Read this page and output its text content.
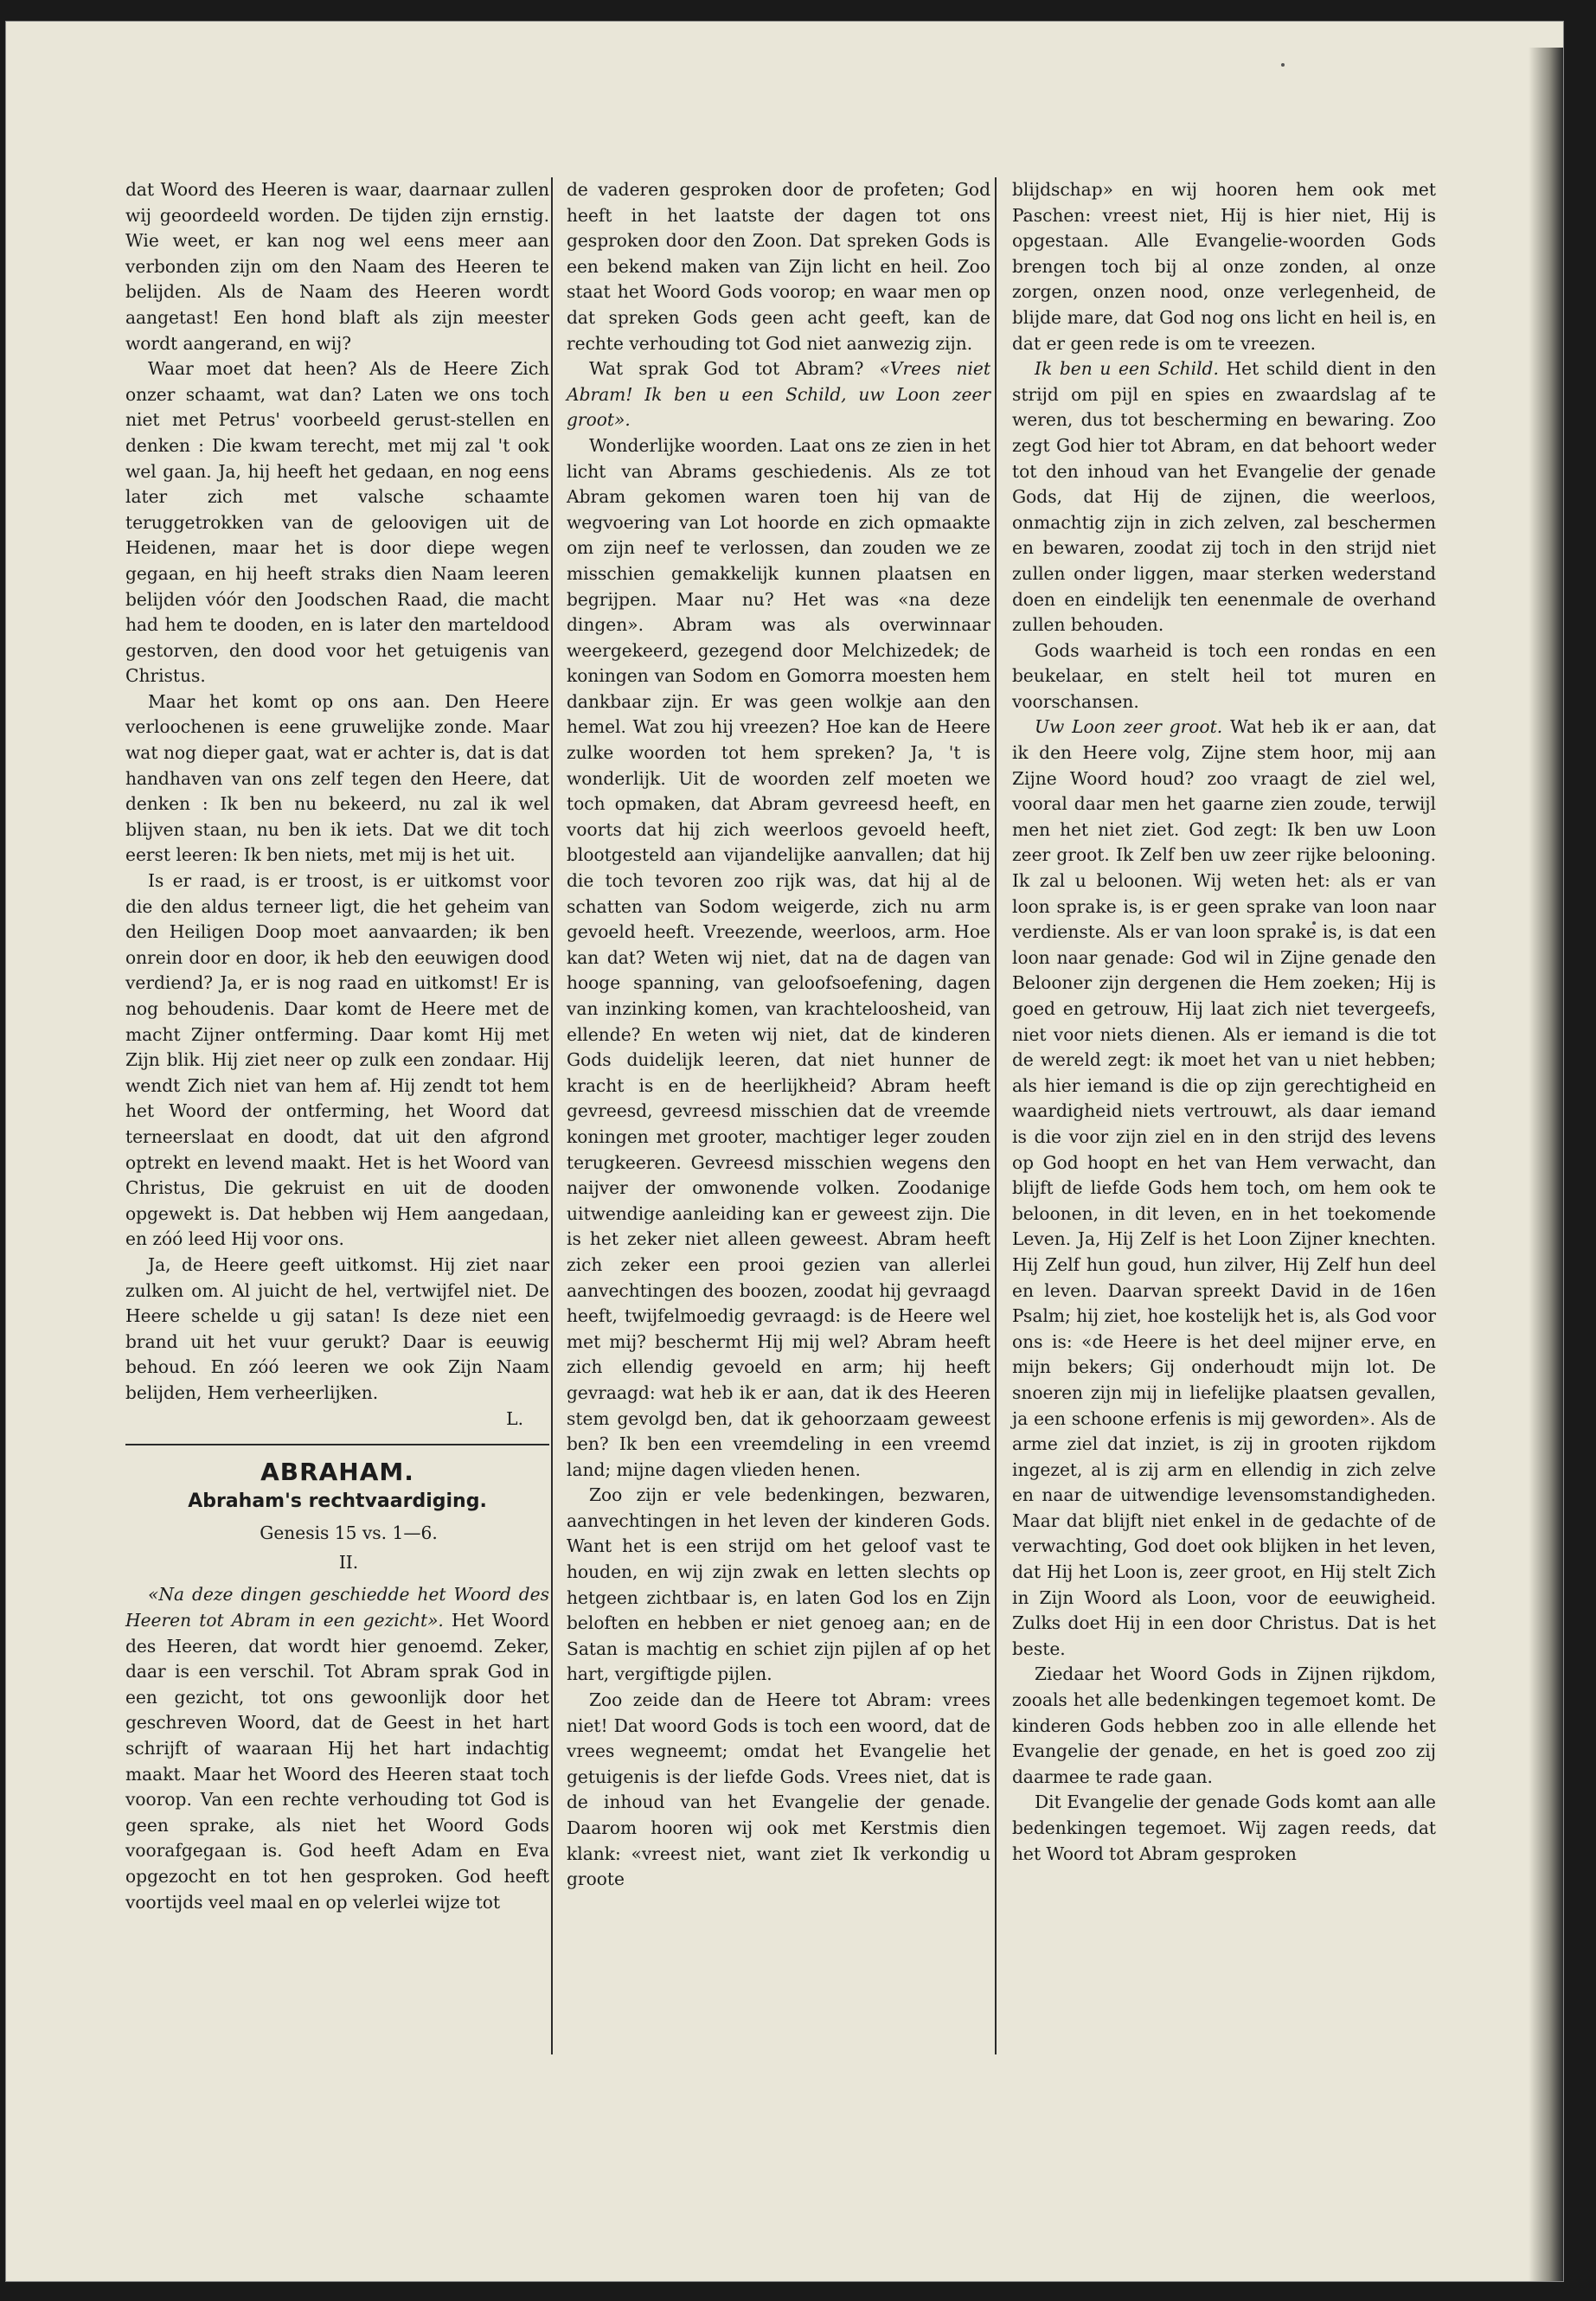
dat Woord des Heeren is waar, daarnaar zullen wij geoordeeld worden. De tijden zijn ernstig. Wie weet, er kan nog wel eens meer aan verbonden zijn om den Naam des Heeren te belijden. Als de Naam des Heeren wordt aangetast! Een hond blaft als zijn meester wordt aangerand, en wij?

Waar moet dat heen? Als de Heere Zich onzer schaamt, wat dan? Laten we ons toch niet met Petrus' voorbeeld gerust-stellen en denken : Die kwam terecht, met mij zal 't ook wel gaan. Ja, hij heeft het gedaan, en nog eens later zich met valsche schaamte teruggetrokken van de geloovigen uit de Heidenen, maar het is door diepe wegen gegaan, en hij heeft straks dien Naam leeren belijden vóór den Joodschen Raad, die macht had hem te dooden, en is later den marteldood gestorven, den dood voor het getuigenis van Christus.

Maar het komt op ons aan. Den Heere verloochenen is eene gruwelijke zonde. Maar wat nog dieper gaat, wat er achter is, dat is dat handhaven van ons zelf tegen den Heere, dat denken : Ik ben nu bekeerd, nu zal ik wel blijven staan, nu ben ik iets. Dat we dit toch eerst leeren: Ik ben niets, met mij is het uit.

Is er raad, is er troost, is er uitkomst voor die den aldus terneer ligt, die het geheim van den Heiligen Doop moet aanvaarden; ik ben onrein door en door, ik heb den eeuwigen dood verdiend? Ja, er is nog raad en uitkomst! Er is nog behoudenis. Daar komt de Heere met de macht Zijner ontferming. Daar komt Hij met Zijn blik. Hij ziet neer op zulk een zondaar. Hij wendt Zich niet van hem af. Hij zendt tot hem het Woord der ontferming, het Woord dat terneerslaat en doodt, dat uit den afgrond optrekt en levend maakt. Het is het Woord van Christus, Die gekruist en uit de dooden opgewekt is. Dat hebben wij Hem aangedaan, en zóó leed Hij voor ons.

Ja, de Heere geeft uitkomst. Hij ziet naar zulken om. Al juicht de hel, vertwijfel niet. De Heere schelde u gij satan! Is deze niet een brand uit het vuur gerukt? Daar is eeuwig behoud. En zóó leeren we ook Zijn Naam belijden, Hem verheerlijken.

L.

ABRAHAM.
Abraham's rechtvaardiging.

Genesis 15 vs. 1—6.

II.

«Na deze dingen geschiedde het Woord des Heeren tot Abram in een gezicht». Het Woord des Heeren, dat wordt hier genoemd. Zeker, daar is een verschil. Tot Abram sprak God in een gezicht, tot ons gewoonlijk door het geschreven Woord, dat de Geest in het hart schrijft of waaraan Hij het hart indachtig maakt. Maar het Woord des Heeren staat toch voorop. Van een rechte verhouding tot God is geen sprake, als niet het Woord Gods voorafgegaan is. God heeft Adam en Eva opgezocht en tot hen gesproken. God heeft voortijds veel maal en op velerlei wijze tot

de vaderen gesproken door de profeten; God heeft in het laatste der dagen tot ons gesproken door den Zoon. Dat spreken Gods is een bekend maken van Zijn licht en heil. Zoo staat het Woord Gods voorop; en waar men op dat spreken Gods geen acht geeft, kan de rechte verhouding tot God niet aanwezig zijn.

Wat sprak God tot Abram? «Vrees niet Abram! Ik ben u een Schild, uw Loon zeer groot».

Wonderlijke woorden. Laat ons ze zien in het licht van Abrams geschiedenis. Als ze tot Abram gekomen waren toen hij van de wegvoering van Lot hoorde en zich opmaakte om zijn neef te verlossen, dan zouden we ze misschien gemakkelijk kunnen plaatsen en begrijpen. Maar nu? Het was «na deze dingen». Abram was als overwinnaar weergekeerd, gezegend door Melchizedek; de koningen van Sodom en Gomorra moesten hem dankbaar zijn. Er was geen wolkje aan den hemel. Wat zou hij vreezen? Hoe kan de Heere zulke woorden tot hem spreken? Ja, 't is wonderlijk. Uit de woorden zelf moeten we toch opmaken, dat Abram gevreesd heeft, en voorts dat hij zich weerloos gevoeld heeft, blootgesteld aan vijandelijke aanvallen; dat hij die toch tevoren zoo rijk was, dat hij al de schatten van Sodom weigerde, zich nu arm gevoeld heeft. Vreezende, weerloos, arm. Hoe kan dat? Weten wij niet, dat na de dagen van hooge spanning, van geloofsoefening, dagen van inzinking komen, van krachteloosheid, van ellende? En weten wij niet, dat de kinderen Gods duidelijk leeren, dat niet hunner de kracht is en de heerlijkheid? Abram heeft gevreesd, gevreesd misschien dat de vreemde koningen met grooter, machtiger leger zouden terugkeeren. Gevreesd misschien wegens den naijver der omwonende volken. Zoodanige uitwendige aanleiding kan er geweest zijn. Die is het zeker niet alleen geweest. Abram heeft zich zeker een prooi gezien van allerlei aanvechtingen des boozen, zoodat hij gevraagd heeft, twijfelmoedig gevraagd: is de Heere wel met mij? beschermt Hij mij wel? Abram heeft zich ellendig gevoeld en arm; hij heeft gevraagd: wat heb ik er aan, dat ik des Heeren stem gevolgd ben, dat ik gehoorzaam geweest ben? Ik ben een vreemdeling in een vreemd land; mijne dagen vlieden henen.

Zoo zijn er vele bedenkingen, bezwaren, aanvechtingen in het leven der kinderen Gods. Want het is een strijd om het geloof vast te houden, en wij zijn zwak en letten slechts op hetgeen zichtbaar is, en laten God los en Zijn beloften en hebben er niet genoeg aan; en de Satan is machtig en schiet zijn pijlen af op het hart, vergiftigde pijlen.

Zoo zeide dan de Heere tot Abram: vrees niet! Dat woord Gods is toch een woord, dat de vrees wegneemt; omdat het Evangelie het getuigenis is der liefde Gods. Vrees niet, dat is de inhoud van het Evangelie der genade. Daarom hooren wij ook met Kerstmis dien klank: «vreest niet, want ziet Ik verkondig u groote

blijdschap» en wij hooren hem ook met Paschen: vreest niet, Hij is hier niet, Hij is opgestaan. Alle Evangelie-woorden Gods brengen toch bij al onze zonden, al onze zorgen, onzen nood, onze verlegenheid, de blijde mare, dat God nog ons licht en heil is, en dat er geen rede is om te vreezen.

Ik ben u een Schild. Het schild dient in den strijd om pijl en spies en zwaardslag af te weren, dus tot bescherming en bewaring. Zoo zegt God hier tot Abram, en dat behoort weder tot den inhoud van het Evangelie der genade Gods, dat Hij de zijnen, die weerloos, onmachtig zijn in zich zelven, zal beschermen en bewaren, zoodat zij toch in den strijd niet zullen onder liggen, maar sterken wederstand doen en eindelijk ten eenenmale de overhand zullen behouden.

Gods waarheid is toch een rondas en een beukelaar, en stelt heil tot muren en voorschansen.

Uw Loon zeer groot. Wat heb ik er aan, dat ik den Heere volg, Zijne stem hoor, mij aan Zijne Woord houd? zoo vraagt de ziel wel, vooral daar men het gaarne zien zoude, terwijl men het niet ziet. God zegt: Ik ben uw Loon zeer groot. Ik Zelf ben uw zeer rijke belooning. Ik zal u beloonen. Wij weten het: als er van loon sprake is, is er geen sprake van loon naar verdienste. Als er van loon sprake is, is dat een loon naar genade: God wil in Zijne genade den Belooner zijn dergenen die Hem zoeken; Hij is goed en getrouw, Hij laat zich niet tevergeefs, niet voor niets dienen. Als er iemand is die tot de wereld zegt: ik moet het van u niet hebben; als hier iemand is die op zijn gerechtigheid en waardigheid niets vertrouwt, als daar iemand is die voor zijn ziel en in den strijd des levens op God hoopt en het van Hem verwacht, dan blijft de liefde Gods hem toch, om hem ook te beloonen, in dit leven, en in het toekomende Leven. Ja, Hij Zelf is het Loon Zijner knechten. Hij Zelf hun goud, hun zilver, Hij Zelf hun deel en leven. Daarvan spreekt David in de 16en Psalm; hij ziet, hoe kostelijk het is, als God voor ons is: «de Heere is het deel mijner erve, en mijn bekers; Gij onderhoudt mijn lot. De snoeren zijn mij in liefelijke plaatsen gevallen, ja een schoone erfenis is mij geworden». Als de arme ziel dat inziet, is zij in grooten rijkdom ingezet, al is zij arm en ellendig in zich zelve en naar de uitwendige levensomstandigheden. Maar dat blijft niet enkel in de gedachte of de verwachting, God doet ook blijken in het leven, dat Hij het Loon is, zeer groot, en Hij stelt Zich in Zijn Woord als Loon, voor de eeuwigheid. Zulks doet Hij in een door Christus. Dat is het beste.

Ziedaar het Woord Gods in Zijnen rijkdom, zooals het alle bedenkingen tegemoet komt. De kinderen Gods hebben zoo in alle ellende het Evangelie der genade, en het is goed zoo zij daarmee te rade gaan.

Dit Evangelie der genade Gods komt aan alle bedenkingen tegemoet. Wij zagen reeds, dat het Woord tot Abram gesproken
